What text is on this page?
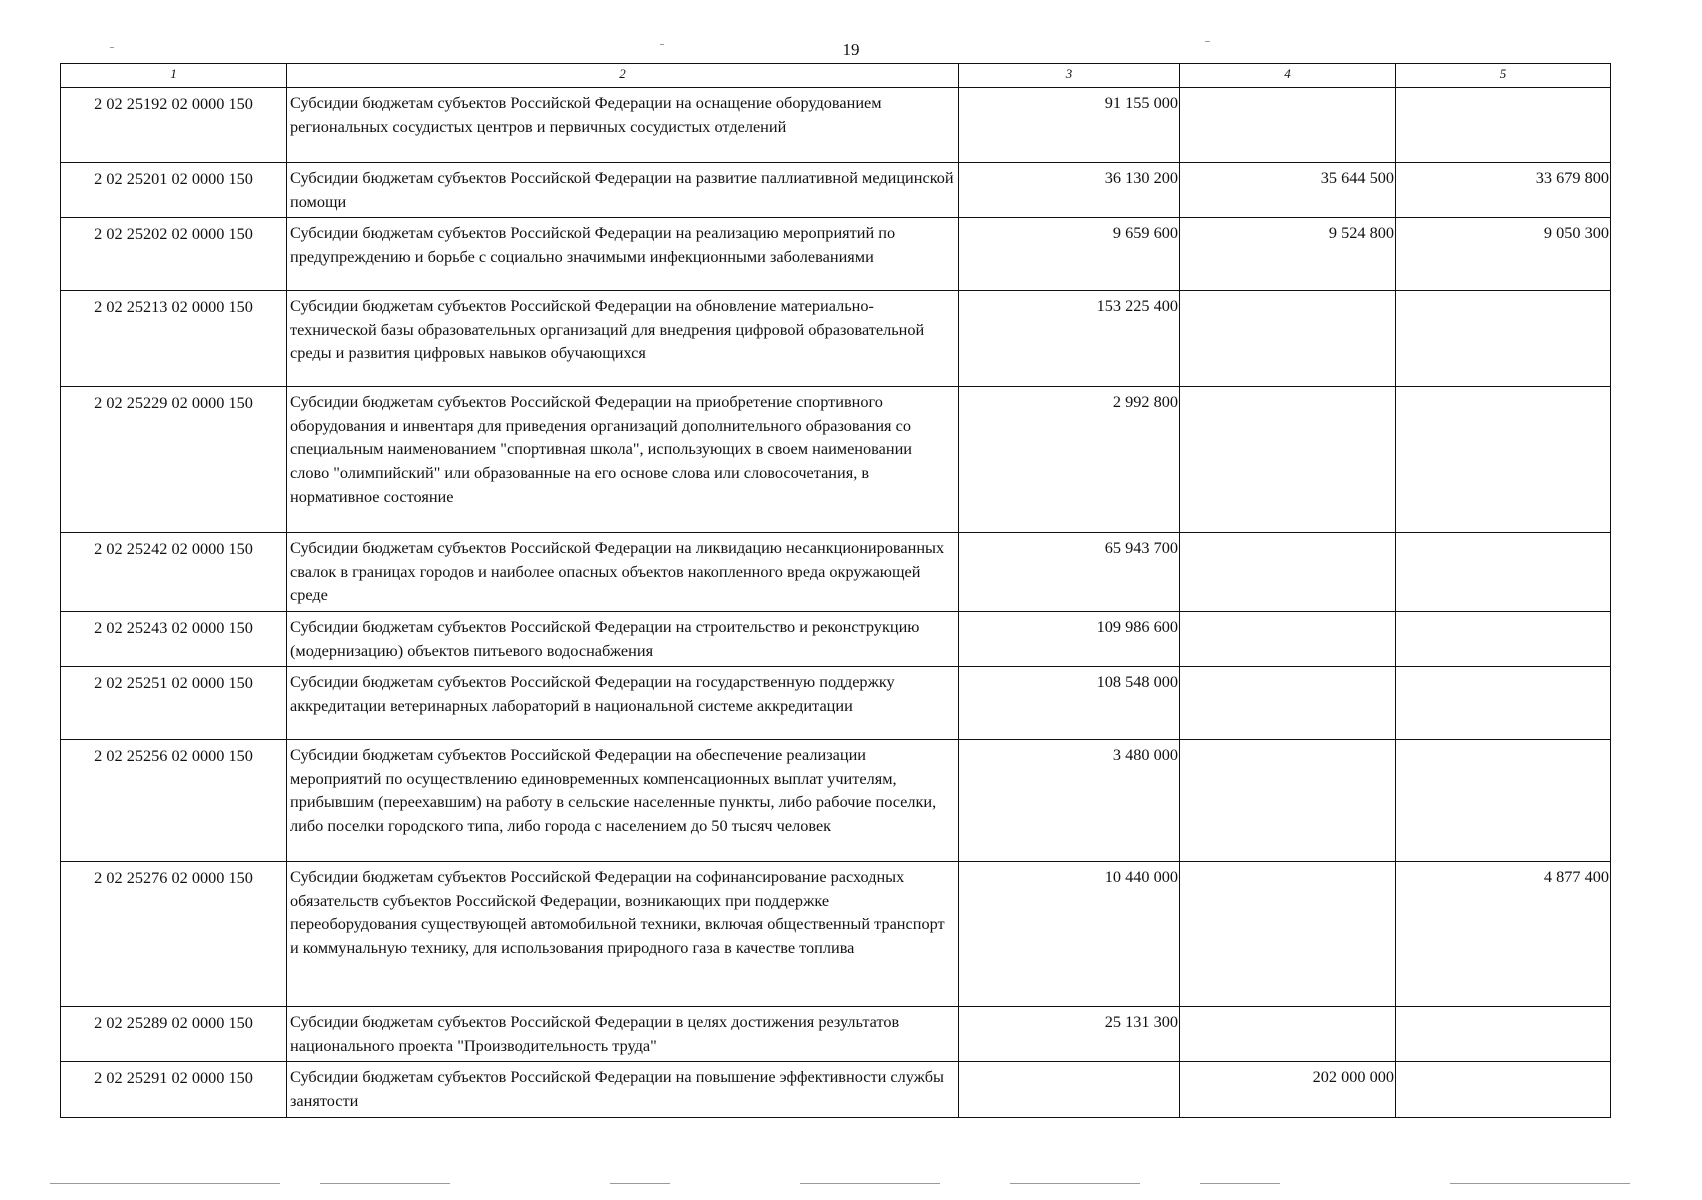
19
1	2	3	4	5
2 02 25192 02 0000 150	Субсидии бюджетам субъектов Российской Федерации на оснащение оборудованием региональных сосудистых центров и первичных сосудистых отделений	91 155 000		
2 02 25201 02 0000 150	Субсидии бюджетам субъектов Российской Федерации на развитие паллиативной медицинской помощи	36 130 200	35 644 500	33 679 800
2 02 25202 02 0000 150	Субсидии бюджетам субъектов Российской Федерации на реализацию мероприятий по предупреждению и борьбе с социально значимыми инфекционными заболеваниями	9 659 600	9 524 800	9 050 300
2 02 25213 02 0000 150	Субсидии бюджетам субъектов Российской Федерации на обновление материально-технической базы образовательных организаций для внедрения цифровой образовательной среды и развития цифровых навыков обучающихся	153 225 400		
2 02 25229 02 0000 150	Субсидии бюджетам субъектов Российской Федерации на приобретение спортивного оборудования и инвентаря для приведения организаций дополнительного образования со специальным наименованием "спортивная школа", использующих в своем наименовании слово "олимпийский" или образованные на его основе слова или словосочетания, в нормативное состояние	2 992 800		
2 02 25242 02 0000 150	Субсидии бюджетам субъектов Российской Федерации на ликвидацию несанкционированных свалок в границах городов и наиболее опасных объектов накопленного вреда окружающей среде	65 943 700		
2 02 25243 02 0000 150	Субсидии бюджетам субъектов Российской Федерации на строительство и реконструкцию (модернизацию) объектов питьевого водоснабжения	109 986 600		
2 02 25251 02 0000 150	Субсидии бюджетам субъектов Российской Федерации на государственную поддержку аккредитации ветеринарных лабораторий в национальной системе аккредитации	108 548 000		
2 02 25256 02 0000 150	Субсидии бюджетам субъектов Российской Федерации на обеспечение реализации мероприятий по осуществлению единовременных компенсационных выплат учителям, прибывшим (переехавшим) на работу в сельские населенные пункты, либо рабочие поселки, либо поселки городского типа, либо города с населением до 50 тысяч человек	3 480 000		
2 02 25276 02 0000 150	Субсидии бюджетам субъектов Российской Федерации на софинансирование расходных обязательств субъектов Российской Федерации, возникающих при поддержке переоборудования существующей автомобильной техники, включая общественный транспорт и коммунальную технику, для использования природного газа в качестве топлива	10 440 000		4 877 400
2 02 25289 02 0000 150	Субсидии бюджетам субъектов Российской Федерации в целях достижения результатов национального проекта "Производительность труда"	25 131 300		
2 02 25291 02 0000 150	Субсидии бюджетам субъектов Российской Федерации на повышение эффективности службы занятости		202 000 000	
